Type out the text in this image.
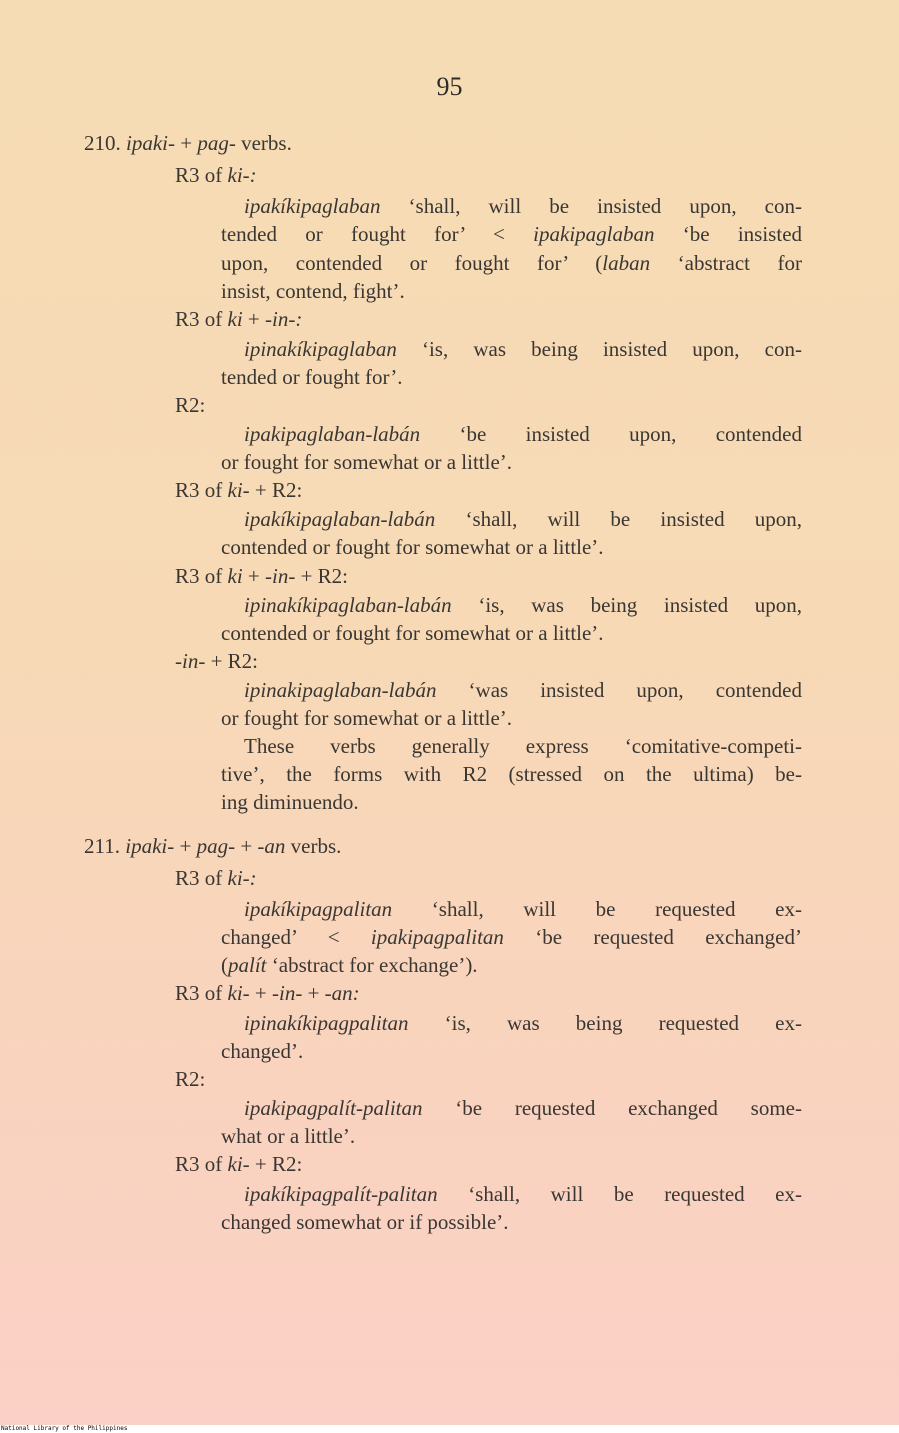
95
210. ipaki- + pag- verbs.
R3 of ki-:
ipakíkipaglaban ‘shall, will be insisted upon, con-
tended or fought for’ < ipakipaglaban ‘be insisted
upon, contended or fought for’ (laban ‘abstract for
insist, contend, fight’.
R3 of ki + -in-:
ipinakíkipaglaban ‘is, was being insisted upon, con-
tended or fought for’.
R2:
ipakipaglaban-labán ‘be insisted upon, contended
or fought for somewhat or a little’.
R3 of ki- + R2:
ipakíkipaglaban-labán ‘shall, will be insisted upon,
contended or fought for somewhat or a little’.
R3 of ki + -in- + R2:
ipinakíkipaglaban-labán ‘is, was being insisted upon,
contended or fought for somewhat or a little’.
-in- + R2:
ipinakipaglaban-labán ‘was insisted upon, contended
or fought for somewhat or a little’.
These verbs generally express ‘comitative-competi-
tive’, the forms with R2 (stressed on the ultima) be-
ing diminuendo.
211. ipaki- + pag- + -an verbs.
R3 of ki-:
ipakíkipagpalitan ‘shall, will be requested ex-
changed’ < ipakipagpalitan ‘be requested exchanged’
(palít ‘abstract for exchange’).
R3 of ki- + -in- + -an:
ipinakíkipagpalitan ‘is, was being requested ex-
changed’.
R2:
ipakipagpalít-palitan ‘be requested exchanged some-
what or a little’.
R3 of ki- + R2:
ipakíkipagpalít-palitan ‘shall, will be requested ex-
changed somewhat or if possible’.
National Library of the Philippines
